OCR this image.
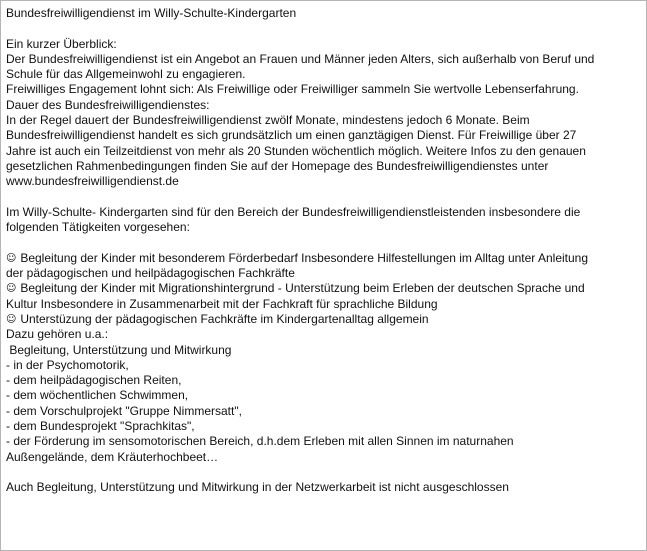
Bundesfreiwilligendienst im Willy-Schulte-Kindergarten
Ein kurzer Überblick:
Der Bundesfreiwilligendienst ist ein Angebot an Frauen und Männer jeden Alters, sich außerhalb von Beruf und
Schule für das Allgemeinwohl zu engagieren.
Freiwilliges Engagement lohnt sich: Als Freiwillige oder Freiwilliger sammeln Sie wertvolle Lebenserfahrung.
Dauer des Bundesfreiwilligendienstes:
In der Regel dauert der Bundesfreiwilligendienst zwölf Monate, mindestens jedoch 6 Monate. Beim
Bundesfreiwilligendienst handelt es sich grundsätzlich um einen ganztägigen Dienst. Für Freiwillige über 27
Jahre ist auch ein Teilzeitdienst von mehr als 20 Stunden wöchentlich möglich. Weitere Infos zu den genauen
gesetzlichen Rahmenbedingungen finden Sie auf der Homepage des Bundesfreiwilligendienstes unter
www.bundesfreiwilligendienst.de
Im Willy-Schulte- Kindergarten sind für den Bereich der Bundesfreiwilligendienstleistenden insbesondere die
folgenden Tätigkeiten vorgesehen:
☺ Begleitung der Kinder mit besonderem Förderbedarf Insbesondere Hilfestellungen im Alltag unter Anleitung
der pädagogischen und heilpädagogischen Fachkräfte
☺ Begleitung der Kinder mit Migrationshintergrund - Unterstützung beim Erleben der deutschen Sprache und
Kultur Insbesondere in Zusammenarbeit mit der Fachkraft für sprachliche Bildung
☺ Unterstüzung der pädagogischen Fachkräfte im Kindergartenalltag allgemein
Dazu gehören u.a.:
Begleitung, Unterstützung und Mitwirkung
- in der Psychomotorik,
- dem heilpädagogischen Reiten,
- dem wöchentlichen Schwimmen,
- dem Vorschulprojekt "Gruppe Nimmersatt",
- dem Bundesprojekt "Sprachkitas",
- der Förderung im sensomotorischen Bereich, d.h.dem Erleben mit allen Sinnen im naturnahen
Außengelände, dem Kräuterhochbeet…
Auch Begleitung, Unterstützung und Mitwirkung in der Netzwerkarbeit ist nicht ausgeschlossen
